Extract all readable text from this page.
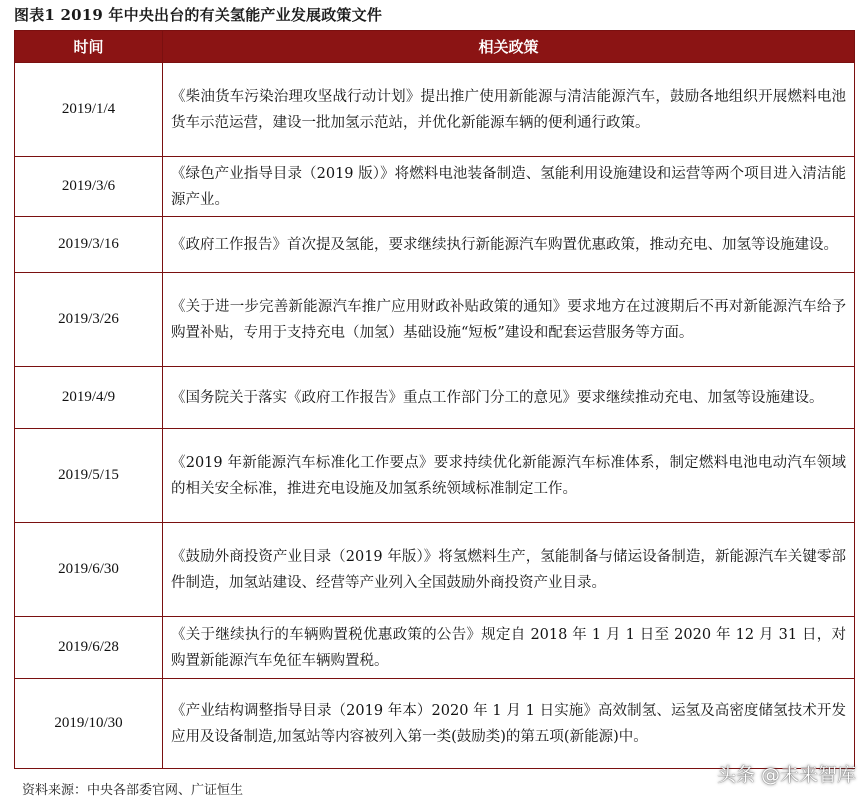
图表1 2019 年中央出台的有关氢能产业发展政策文件
时间	相关政策
2019/1/4	《柴油货车污染治理攻坚战行动计划》提出推广使用新能源与清洁能源汽车，鼓励各地组织开展燃料电池货车示范运营，建设一批加氢示范站，并优化新能源车辆的便利通行政策。
2019/3/6	《绿色产业指导目录（2019 版）》将燃料电池装备制造、氢能利用设施建设和运营等两个项目进入清洁能源产业。
2019/3/16	《政府工作报告》首次提及氢能，要求继续执行新能源汽车购置优惠政策，推动充电、加氢等设施建设。
2019/3/26	《关于进一步完善新能源汽车推广应用财政补贴政策的通知》要求地方在过渡期后不再对新能源汽车给予购置补贴，专用于支持充电（加氢）基础设施“短板”建设和配套运营服务等方面。
2019/4/9	《国务院关于落实《政府工作报告》重点工作部门分工的意见》要求继续推动充电、加氢等设施建设。
2019/5/15	《2019 年新能源汽车标准化工作要点》要求持续优化新能源汽车标准体系，制定燃料电池电动汽车领域的相关安全标准，推进充电设施及加氢系统领域标准制定工作。
2019/6/30	《鼓励外商投资产业目录（2019 年版）》将氢燃料生产，氢能制备与储运设备制造，新能源汽车关键零部件制造，加氢站建设、经营等产业列入全国鼓励外商投资产业目录。
2019/6/28	《关于继续执行的车辆购置税优惠政策的公告》规定自 2018 年 1 月 1 日至 2020 年 12 月 31 日，对购置新能源汽车免征车辆购置税。
2019/10/30	《产业结构调整指导目录（2019 年本）2020 年 1 月 1 日实施》高效制氢、运氢及高密度储氢技术开发应用及设备制造,加氢站等内容被列入第一类(鼓励类)的第五项(新能源)中。
资料来源：中央各部委官网、广证恒生
头条 @未来智库
